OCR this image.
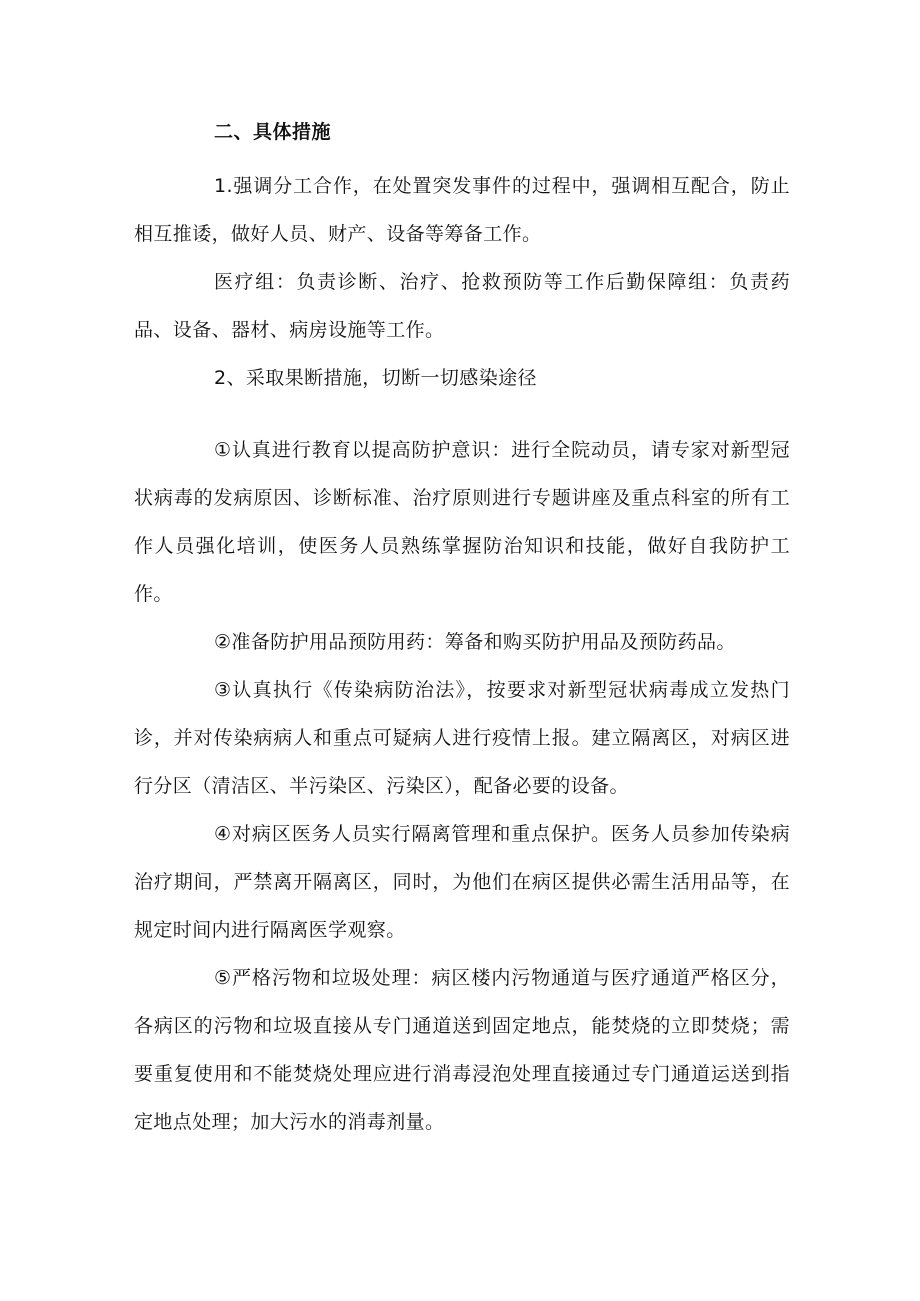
二、具体措施

1.强调分工合作，在处置突发事件的过程中，强调相互配合，防止相互推诿，做好人员、财产、设备等筹备工作。

医疗组：负责诊断、治疗、抢救预防等工作后勤保障组：负责药品、设备、器材、病房设施等工作。

2、采取果断措施，切断一切感染途径

①认真进行教育以提高防护意识：进行全院动员，请专家对新型冠状病毒的发病原因、诊断标准、治疗原则进行专题讲座及重点科室的所有工作人员强化培训，使医务人员熟练掌握防治知识和技能，做好自我防护工作。

②准备防护用品预防用药：筹备和购买防护用品及预防药品。

③认真执行《传染病防治法》，按要求对新型冠状病毒成立发热门诊，并对传染病病人和重点可疑病人进行疫情上报。建立隔离区，对病区进行分区（清洁区、半污染区、污染区），配备必要的设备。

④对病区医务人员实行隔离管理和重点保护。医务人员参加传染病治疗期间，严禁离开隔离区，同时，为他们在病区提供必需生活用品等，在规定时间内进行隔离医学观察。

⑤严格污物和垃圾处理：病区楼内污物通道与医疗通道严格区分，各病区的污物和垃圾直接从专门通道送到固定地点，能焚烧的立即焚烧；需要重复使用和不能焚烧处理应进行消毒浸泡处理直接通过专门通道运送到指定地点处理；加大污水的消毒剂量。
